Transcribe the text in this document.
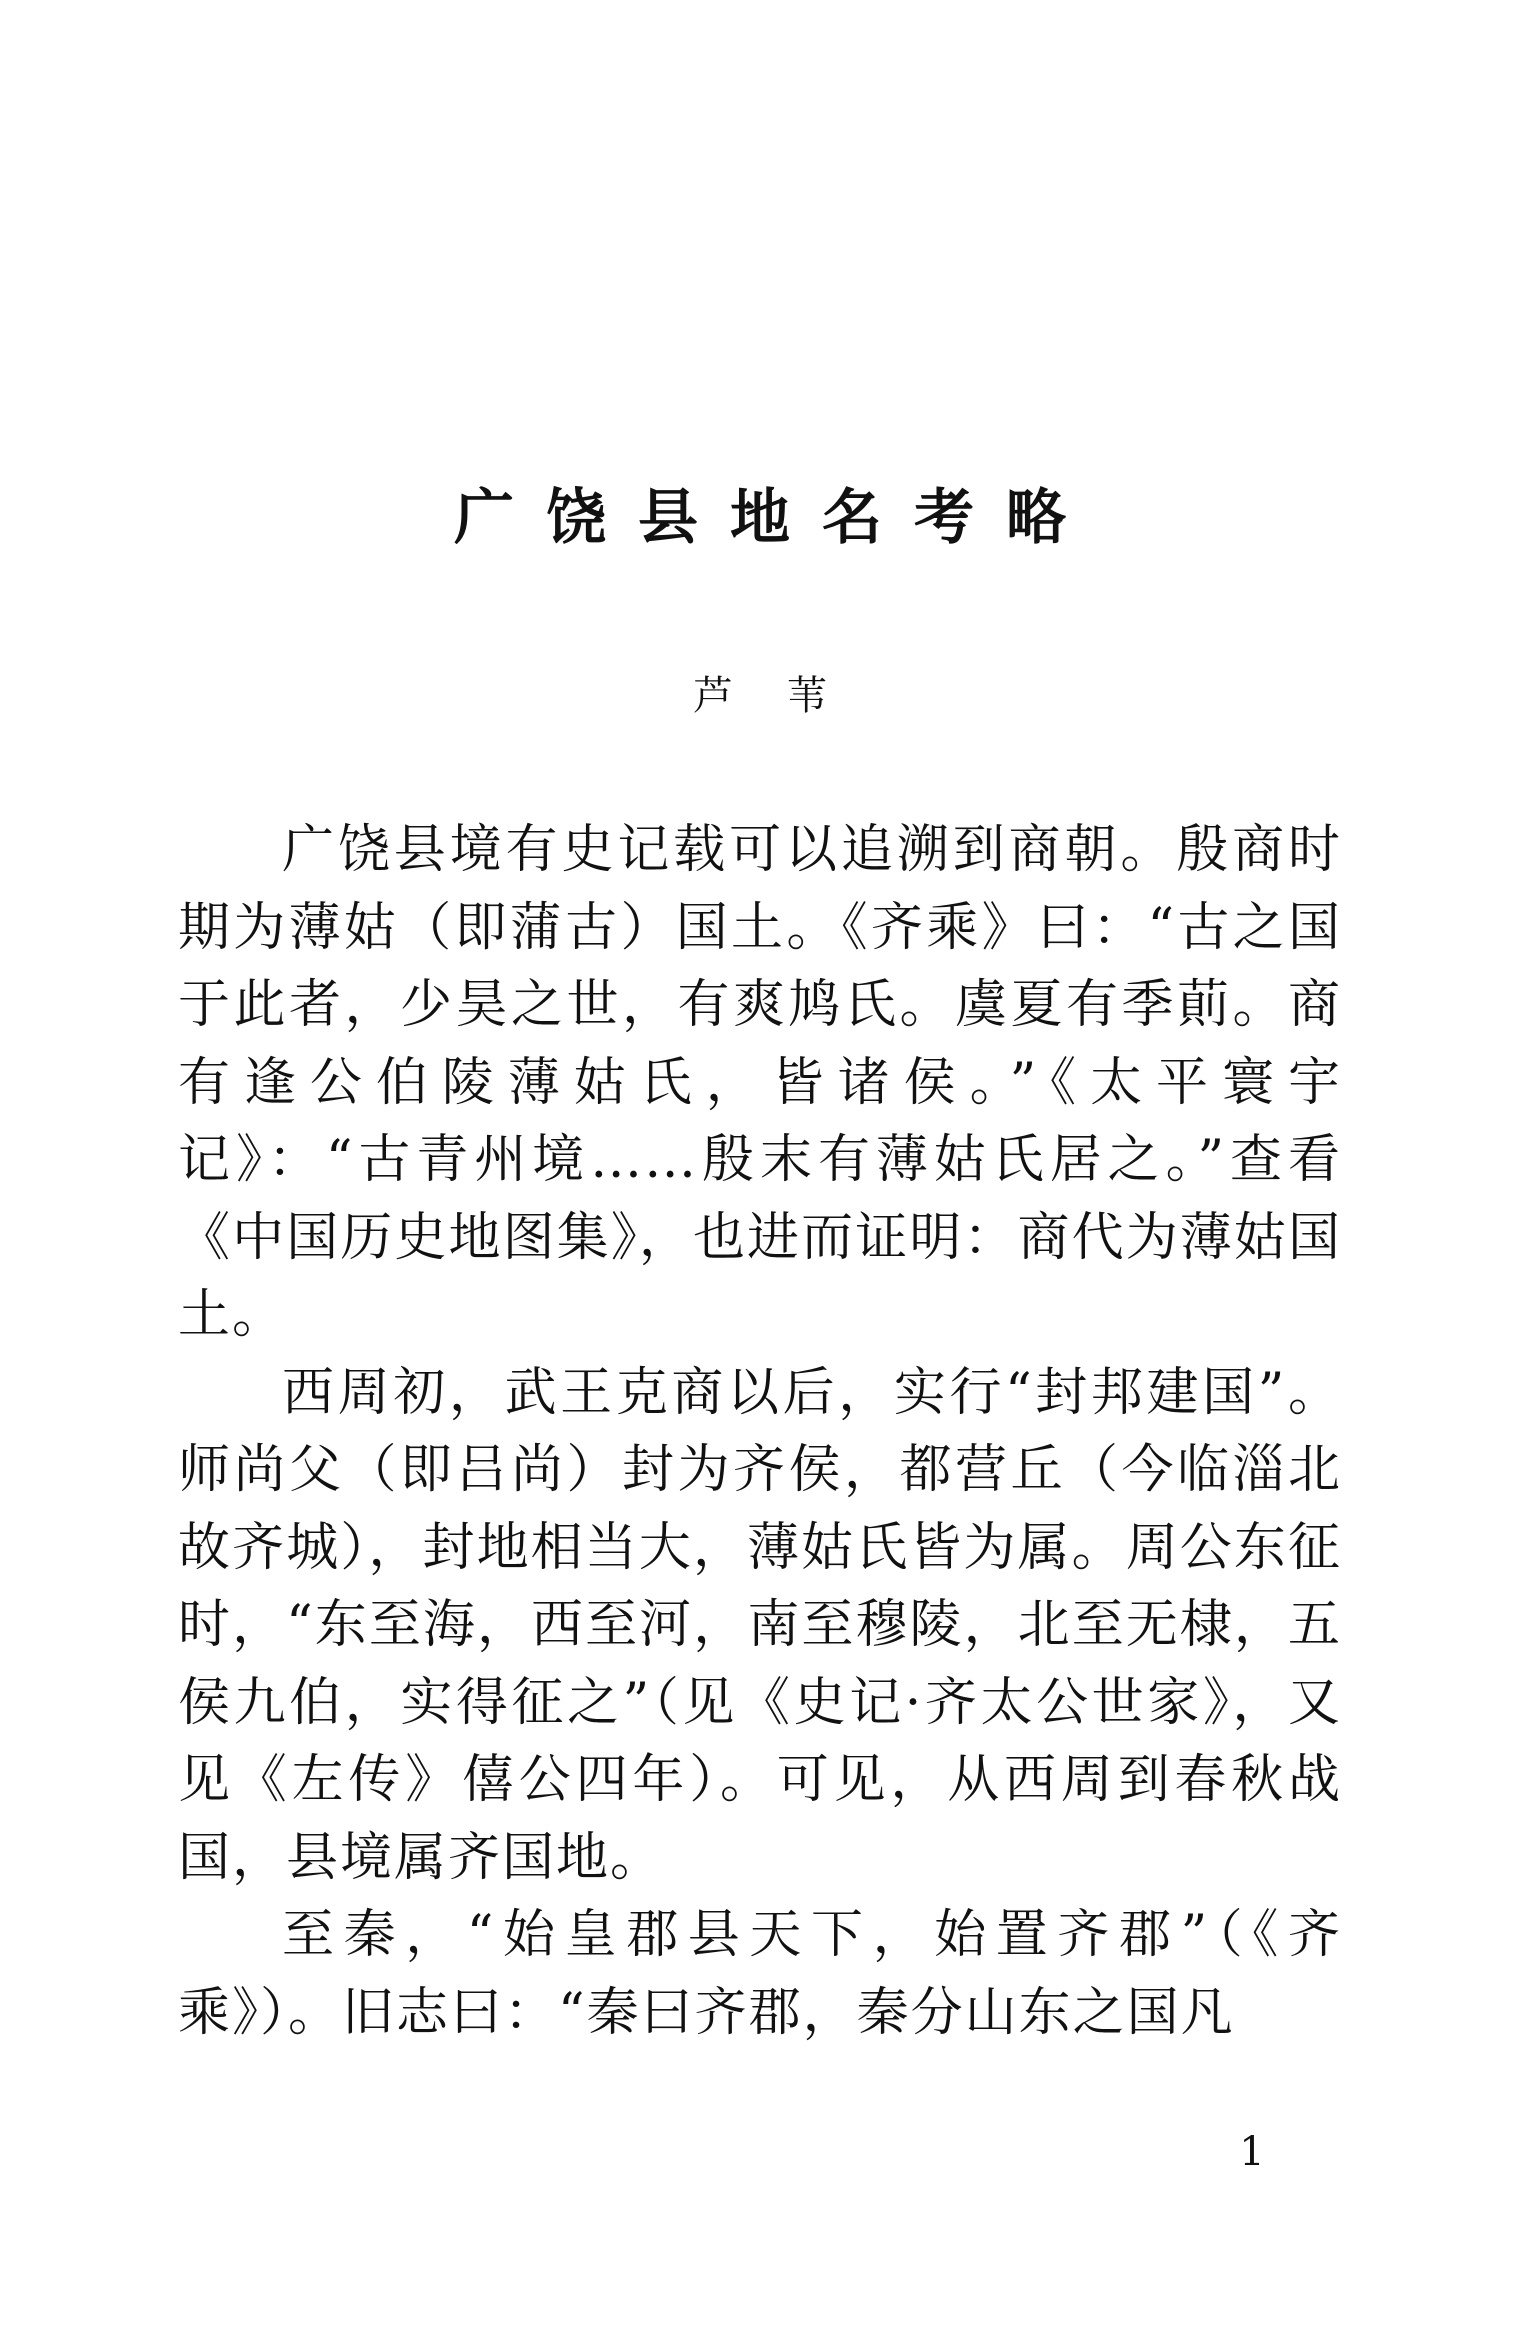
广饶县地名考略
芦苇

广饶县境有史记载可以追溯到商朝。殷商时期为薄姑（即蒲古）国土。《齐乘》曰：“古之国于此者，少昊之世，有爽鸠氏。虞夏有季萴。商有逢公伯陵薄姑氏，皆诸侯。”《太平寰宇记》：“古青州境……殷末有薄姑氏居之。”查看《中国历史地图集》，也进而证明：商代为薄姑国土。

西周初，武王克商以后，实行“封邦建国”。师尚父（即吕尚）封为齐侯，都营丘（今临淄北故齐城），封地相当大，薄姑氏皆为属。周公东征时，“东至海，西至河，南至穆陵，北至无棣，五侯九伯，实得征之”（见《史记·齐太公世家》，又见《左传》僖公四年）。可见，从西周到春秋战国，县境属齐国地。

至秦，“始皇郡县天下，始置齐郡”（《齐乘》）。旧志曰：“秦曰齐郡，秦分山东之国凡

1
